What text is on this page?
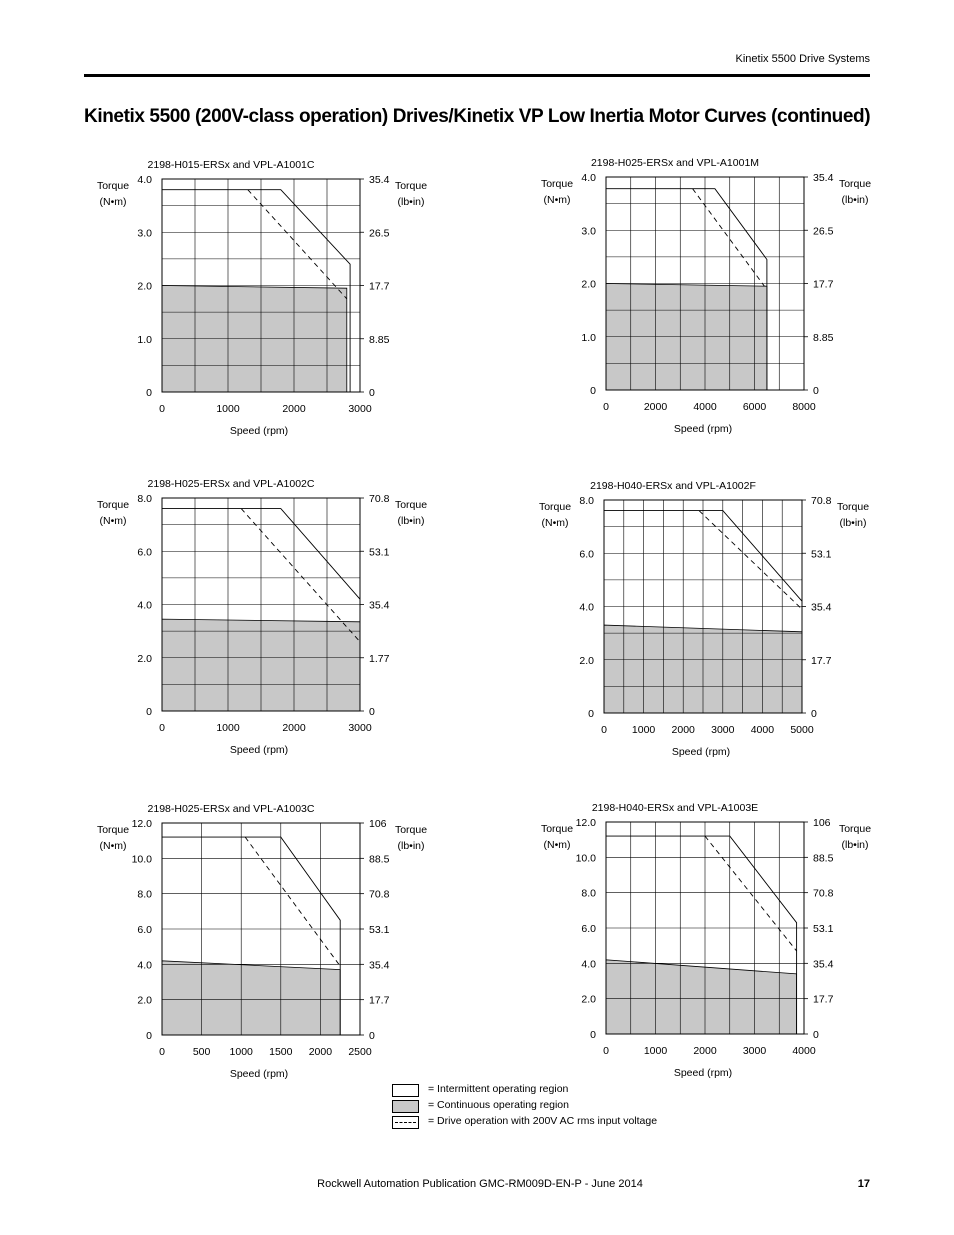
Kinetix 5500 Drive Systems
Kinetix 5500 (200V-class operation) Drives/Kinetix VP Low Inertia Motor Curves (continued)
2198-H015-ERSx and VPL-A1001C
0
1.0
2.0
3.0
4.0
0
8.85
17.7
26.5
35.4
0	1000	2000	3000
Torque
(N•m)
Torque
(lb•in)
Speed (rpm)
2198-H025-ERSx and VPL-A1001M
0
1.0
2.0
3.0
4.0
0
8.85
17.7
26.5
35.4
0	2000 4000 6000 8000
Torque
(N•m)
Torque
(lb•in)
Speed (rpm)
2198-H025-ERSx and VPL-A1002C
0
2.0
4.0
6.0
8.0
0
1.77
35.4
53.1
70.8
0	1000	2000	3000
Torque
(N•m)
Torque
(lb•in)
Speed (rpm)
2198-H040-ERSx and VPL-A1002F
0
2.0
4.0
6.0
8.0
0
17.7
35.4
53.1
70.8
0 1000 2000 3000 4000 5000
Torque
(N•m)
Torque
(lb•in)
Speed (rpm)
2198-H025-ERSx and VPL-A1003C
0
2.0
4.0
6.0
8.0
10.0
12.0
0
17.7
35.4
53.1
70.8
88.5
106
0	500 1000 1500 2000 2500
Torque
(N•m)
Torque
(lb•in)
Speed (rpm)
2198-H040-ERSx and VPL-A1003E
0
2.0
4.0
6.0
8.0
10.0
12.0
0
17.7
35.4
53.1
70.8
88.5
106
0	1000 2000 3000 4000
Torque
(N•m)
Torque
(lb•in)
Speed (rpm)
= Intermittent operating region
= Continuous operating region
= Drive operation with 200V AC rms input voltage
Rockwell Automation Publication GMC-RM009D-EN-P - June 2014	17
